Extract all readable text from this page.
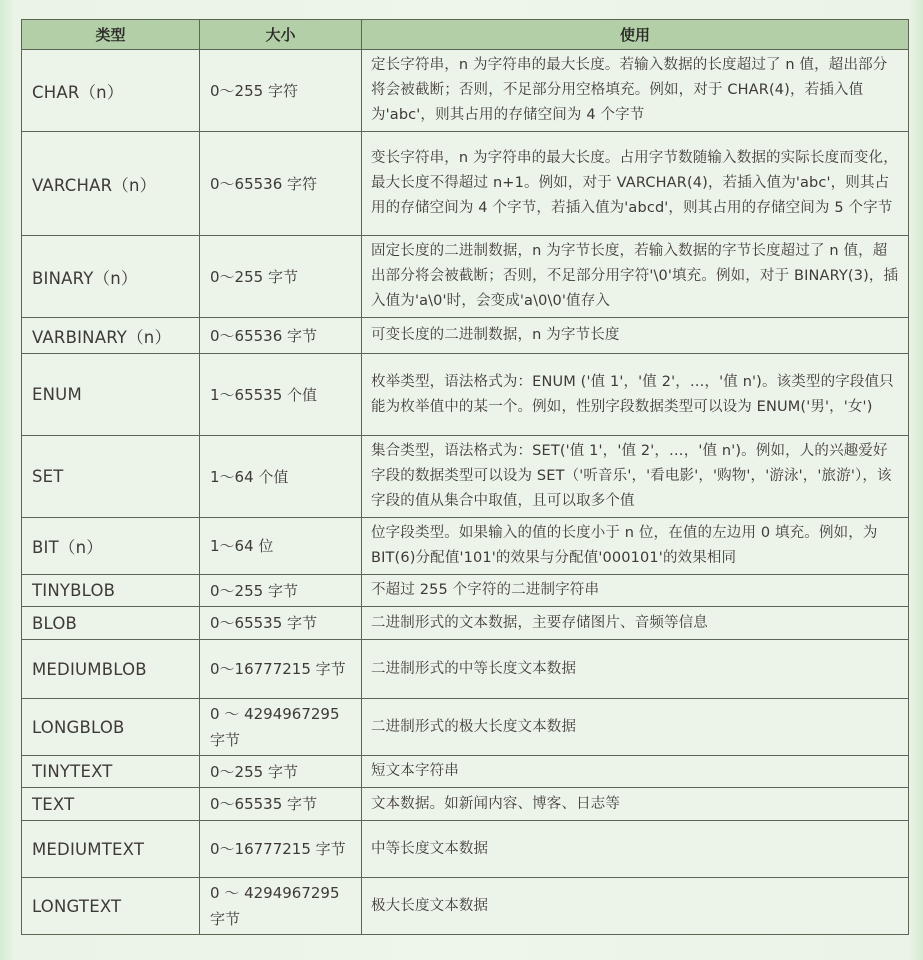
类型	大小	使用
CHAR（n）	0～255 字符	定长字符串，n 为字符串的最大长度。若输入数据的长度超过了 n 值，超出部分将会被截断；否则，不足部分用空格填充。例如，对于 CHAR(4)，若插入值为'abc'，则其占用的存储空间为 4 个字节
VARCHAR（n）	0～65536 字符	变长字符串，n 为字符串的最大长度。占用字节数随输入数据的实际长度而变化，最大长度不得超过 n+1。例如，对于 VARCHAR(4)，若插入值为'abc'，则其占用的存储空间为 4 个字节，若插入值为'abcd'，则其占用的存储空间为 5 个字节
BINARY（n）	0～255 字节	固定长度的二进制数据，n 为字节长度，若输入数据的字节长度超过了 n 值，超出部分将会被截断；否则，不足部分用字符'\0'填充。例如，对于 BINARY(3)，插入值为'a\0'时，会变成'a\0\0'值存入
VARBINARY（n）	0～65536 字节	可变长度的二进制数据，n 为字节长度
ENUM	1～65535 个值	枚举类型，语法格式为：ENUM ('值 1'，'值 2'，…，'值 n')。该类型的字段值只能为枚举值中的某一个。例如，性别字段数据类型可以设为 ENUM('男'，'女')
SET	1～64 个值	集合类型，语法格式为：SET('值 1'，'值 2'，…，'值 n')。例如，人的兴趣爱好字段的数据类型可以设为 SET（'听音乐'，'看电影'，'购物'，'游泳'，'旅游'），该字段的值从集合中取值，且可以取多个值
BIT（n）	1～64 位	位字段类型。如果输入的值的长度小于 n 位，在值的左边用 0 填充。例如，为 BIT(6)分配值'101'的效果与分配值'000101'的效果相同
TINYBLOB	0～255 字节	不超过 255 个字符的二进制字符串
BLOB	0～65535 字节	二进制形式的文本数据，主要存储图片、音频等信息
MEDIUMBLOB	0～16777215 字节	二进制形式的中等长度文本数据
LONGBLOB	0 ～ 4294967295 字节	二进制形式的极大长度文本数据
TINYTEXT	0～255 字节	短文本字符串
TEXT	0～65535 字节	文本数据。如新闻内容、博客、日志等
MEDIUMTEXT	0～16777215 字节	中等长度文本数据
LONGTEXT	0 ～ 4294967295 字节	极大长度文本数据
